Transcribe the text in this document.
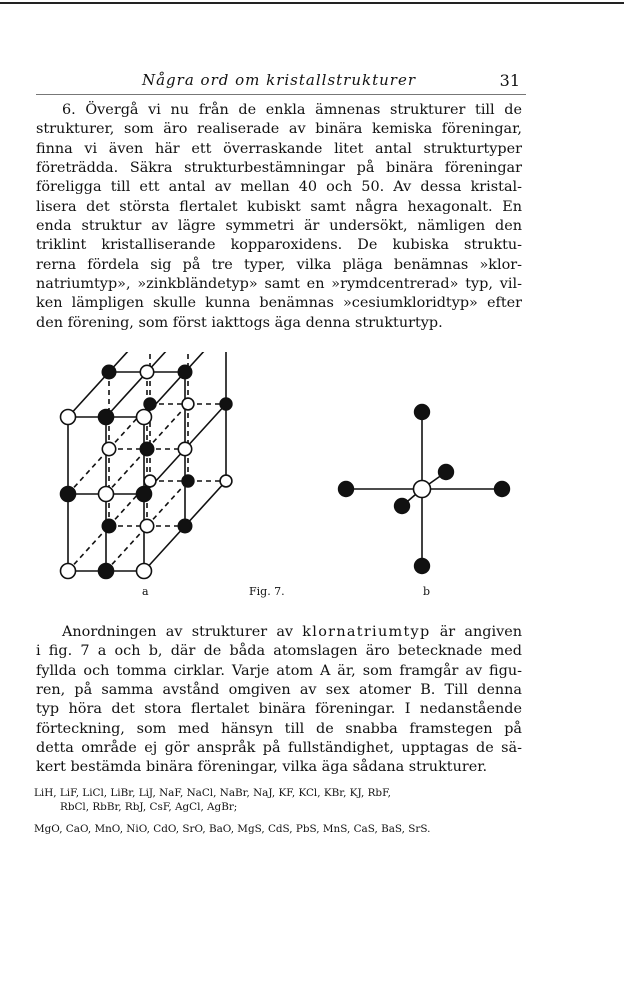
Några ord om kristallstrukturer	31
6. Övergå vi nu från de enkla ämnenas strukturer till de
strukturer, som äro realiserade av binära kemiska föreningar,
finna vi även här ett överraskande litet antal strukturtyper
företrädda. Säkra strukturbestämningar på binära föreningar
föreligga till ett antal av mellan 40 och 50. Av dessa kristal-
lisera det största flertalet kubiskt samt några hexagonalt. En
enda struktur av lägre symmetri är undersökt, nämligen den
triklint kristalliserande kopparoxidens. De kubiska struktu-
rerna fördela sig på tre typer, vilka pläga benämnas »klor-
natriumtyp», »zinkbländetyp» samt en »rymdcentrerad» typ, vil-
ken lämpligen skulle kunna benämnas »cesiumkloridtyp» efter
den förening, som först iakttogs äga denna strukturtyp.
a	Fig. 7.	b
Anordningen av strukturer av klornatriumtyp är angiven
i fig. 7 a och b, där de båda atomslagen äro betecknade med
fyllda och tomma cirklar. Varje atom A är, som framgår av figu-
ren, på samma avstånd omgiven av sex atomer B. Till denna
typ höra det stora flertalet binära föreningar. I nedanstående
förteckning, som med hänsyn till de snabba framstegen på
detta område ej gör anspråk på fullständighet, upptagas de sä-
kert bestämda binära föreningar, vilka äga sådana strukturer.
LiH, LiF, LiCl, LiBr, LiJ, NaF, NaCl, NaBr, NaJ, KF, KCl, KBr, KJ, RbF,
RbCl, RbBr, RbJ, CsF, AgCl, AgBr;
MgO, CaO, MnO, NiO, CdO, SrO, BaO, MgS, CdS, PbS, MnS, CaS, BaS, SrS.
